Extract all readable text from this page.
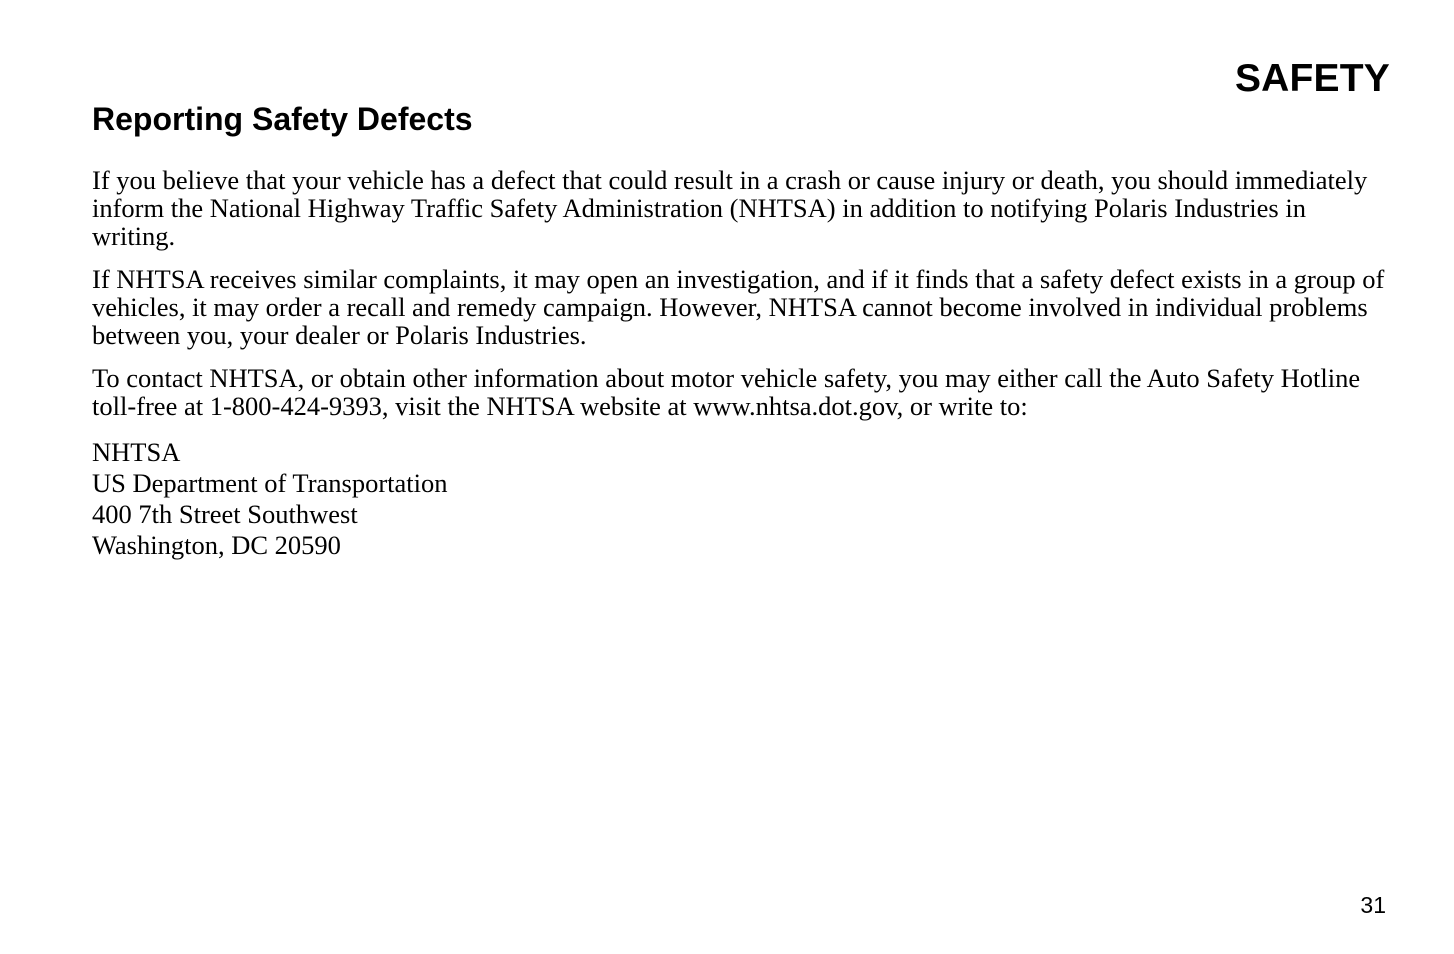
SAFETY
Reporting Safety Defects

If you believe that your vehicle has a defect that could result in a crash or cause injury or death, you should immediately inform the National Highway Traffic Safety Administration (NHTSA) in addition to notifying Polaris Industries in writing.

If NHTSA receives similar complaints, it may open an investigation, and if it finds that a safety defect exists in a group of vehicles, it may order a recall and remedy campaign. However, NHTSA cannot become involved in individual problems between you, your dealer or Polaris Industries.

To contact NHTSA, or obtain other information about motor vehicle safety, you may either call the Auto Safety Hotline toll-free at 1-800-424-9393, visit the NHTSA website at www.nhtsa.dot.gov, or write to:

NHTSA
US Department of Transportation
400 7th Street Southwest
Washington, DC 20590
31
